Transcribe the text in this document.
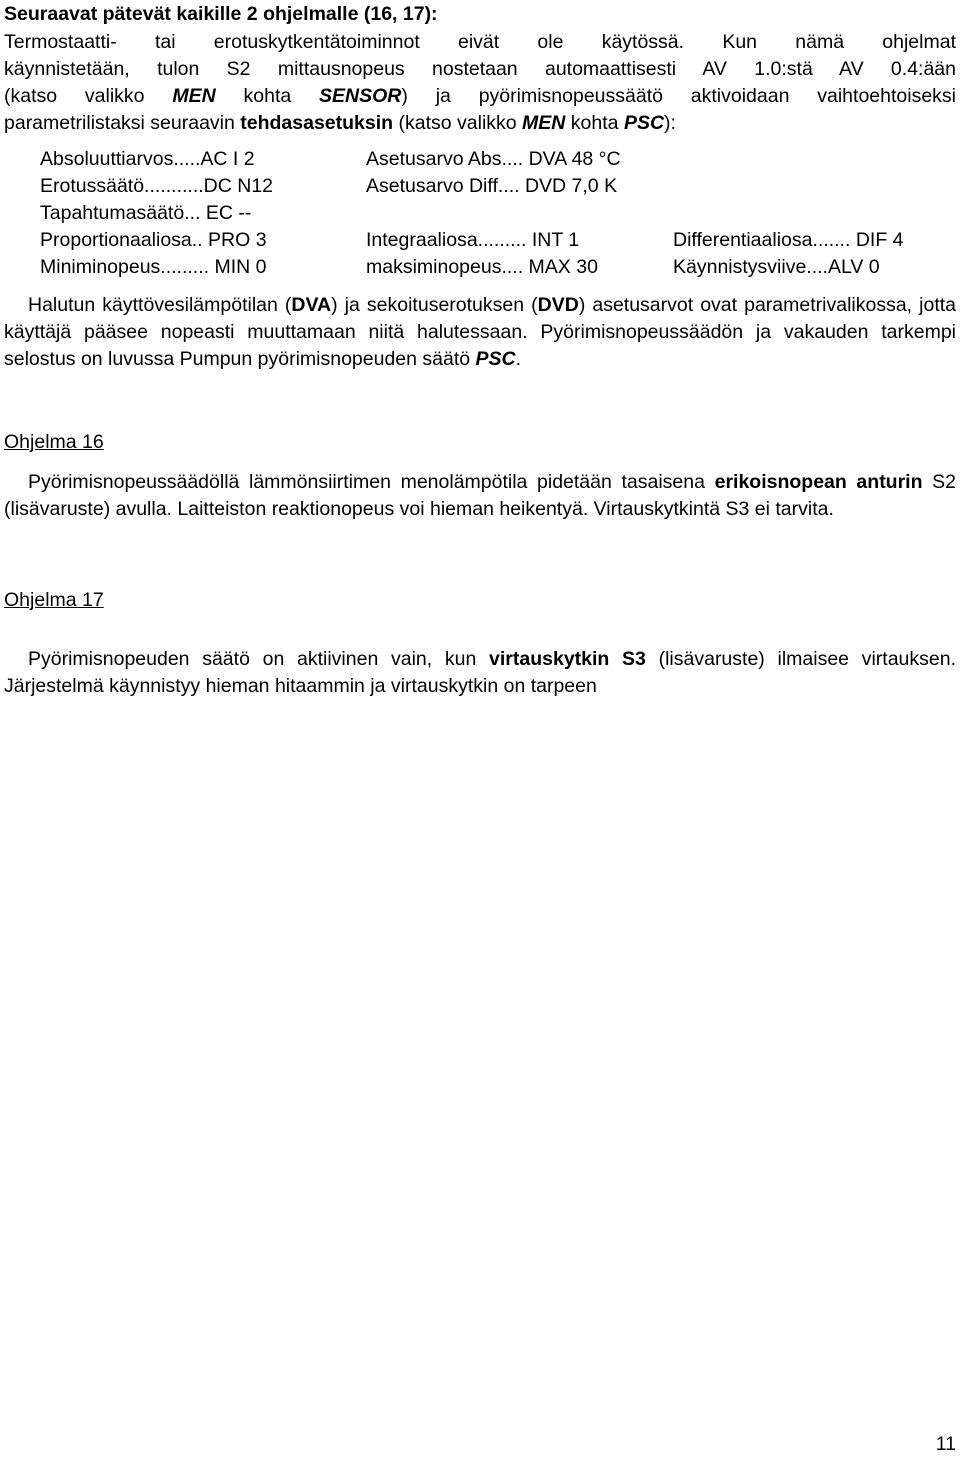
Seuraavat pätevät kaikille 2 ohjelmalle (16, 17):
Termostaatti- tai erotuskytkentätoiminnot eivät ole käytössä. Kun nämä ohjelmat
käynnistetään, tulon S2 mittausnopeus nostetaan automaattisesti AV 1.0:stä AV 0.4:ään
(katso valikko MEN kohta SENSOR) ja pyörimisnopeussäätö aktivoidaan vaihtoehtoiseksi
parametrilistaksi seuraavin tehdasasetuksin (katso valikko MEN kohta PSC):
Absoluuttiarvos.....AC I 2	Asetusarvo Abs.... DVA 48 °C
Erotussäätö...........DC N12	Asetusarvo Diff.... DVD 7,0 K
Tapahtumasäätö... EC --
Proportionaaliosa.. PRO 3	Integraaliosa......... INT 1	Differentiaaliosa....... DIF 4
Miniminopeus......... MIN 0	maksiminopeus.... MAX 30	Käynnistysviive....ALV 0
Halutun käyttövesilämpötilan (DVA) ja sekoituserotuksen (DVD) asetusarvot ovat parametrivalikossa, jotta käyttäjä pääsee nopeasti muuttamaan niitä halutessaan. Pyörimisnopeussäädön ja vakauden tarkempi selostus on luvussa Pumpun pyörimisnopeuden säätö PSC.
Ohjelma 16
Pyörimisnopeussäädöllä lämmönsiirtimen menolämpötila pidetään tasaisena erikoisnopean anturin S2 (lisävaruste) avulla. Laitteiston reaktionopeus voi hieman heikentyä. Virtauskytkintä S3 ei tarvita.
Ohjelma 17
Pyörimisnopeuden säätö on aktiivinen vain, kun virtauskytkin S3 (lisävaruste) ilmaisee virtauksen. Järjestelmä käynnistyy hieman hitaammin ja virtauskytkin on tarpeen
11
